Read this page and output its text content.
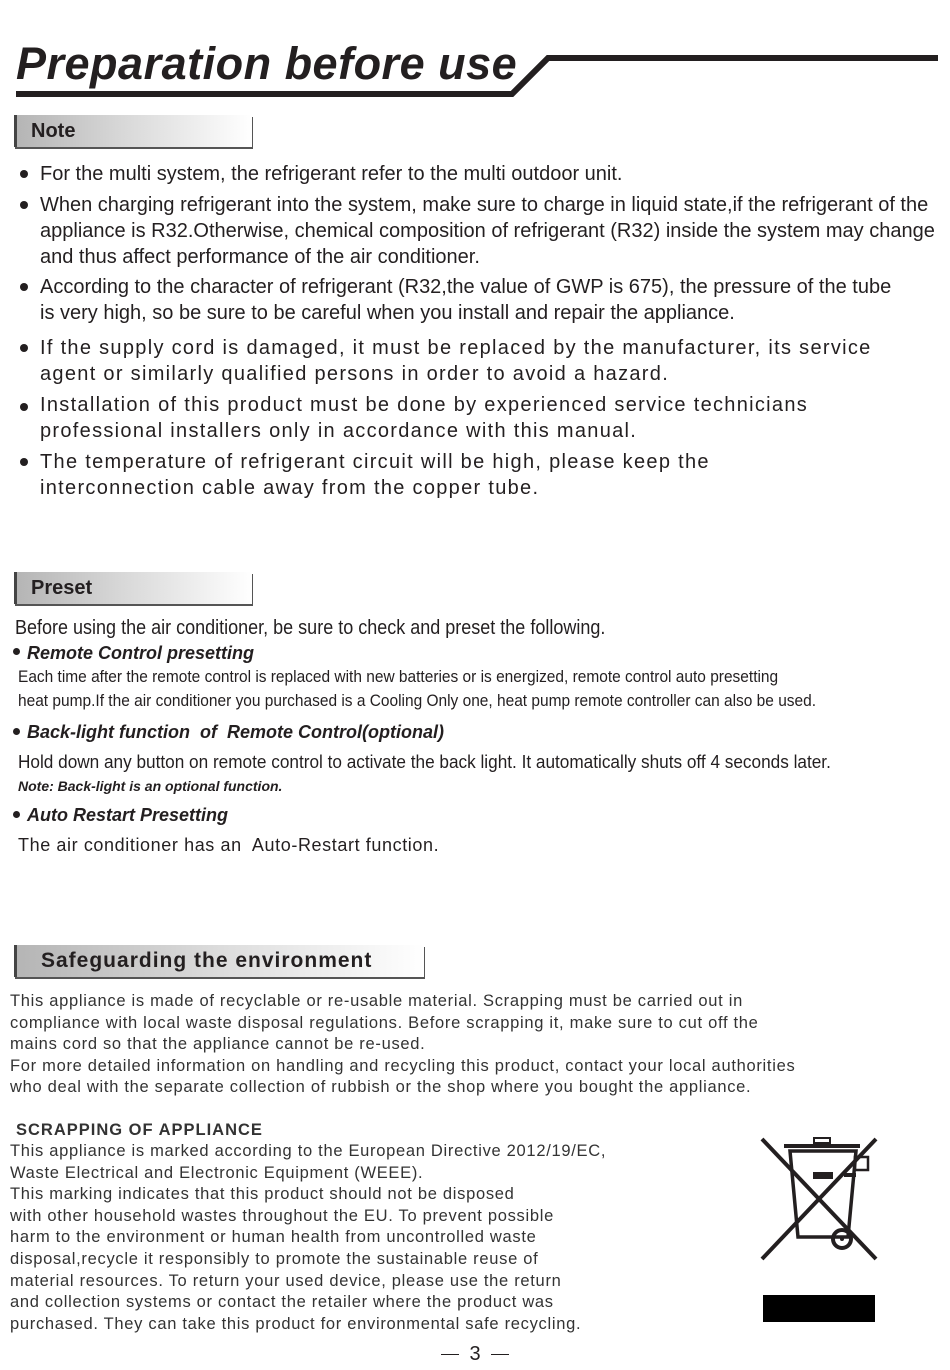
Preparation before use
Note
For the multi system, the refrigerant refer to the multi outdoor unit.
When charging refrigerant into the system, make sure to charge in liquid state,if the refrigerant of the appliance is R32.Otherwise, chemical composition of refrigerant (R32) inside the system may change and thus affect performance of the air conditioner.
According to the character of refrigerant (R32,the value of GWP is 675), the pressure of the tube is very high, so be sure to be careful when you install and repair the appliance.
If the supply cord is damaged, it must be replaced by the manufacturer, its service agent or similarly qualified persons in order to avoid a hazard.
Installation of this product must be done by experienced service technicians professional installers only in accordance with this manual.
The temperature of refrigerant circuit will be high, please keep the interconnection cable away from the copper tube.
Preset
Before using the air conditioner, be sure to check and preset the following.
Remote Control presetting
Each time after the remote control is replaced with new batteries or is energized, remote control auto presetting
heat pump.If the air conditioner you purchased is a Cooling Only one, heat pump remote controller can also be used.
Back-light function  of  Remote Control(optional)
Hold down any button on remote control to activate the back light. It automatically shuts off 4 seconds later.
Note: Back-light is an optional function.
Auto Restart Presetting
The air conditioner has an  Auto-Restart function.
Safeguarding the environment
This appliance is made of recyclable or re-usable material. Scrapping must be carried out in
compliance with local waste disposal regulations. Before scrapping it, make sure to cut off the
mains cord so that the appliance cannot be re-used.
For more detailed information on handling and recycling this product, contact your local authorities
who deal with the separate collection of rubbish or the shop where you bought the appliance.
SCRAPPING OF APPLIANCE
This appliance is marked according to the European Directive 2012/19/EC,
Waste Electrical and Electronic Equipment (WEEE).
This marking indicates that this product should not be disposed
with other household wastes throughout the EU. To prevent possible
harm to the environment or human health from uncontrolled waste
disposal,recycle it responsibly to promote the sustainable reuse of
material resources. To return your used device, please use the return
and collection systems or contact the retailer where the product was
purchased. They can take this product for environmental safe recycling.
3
